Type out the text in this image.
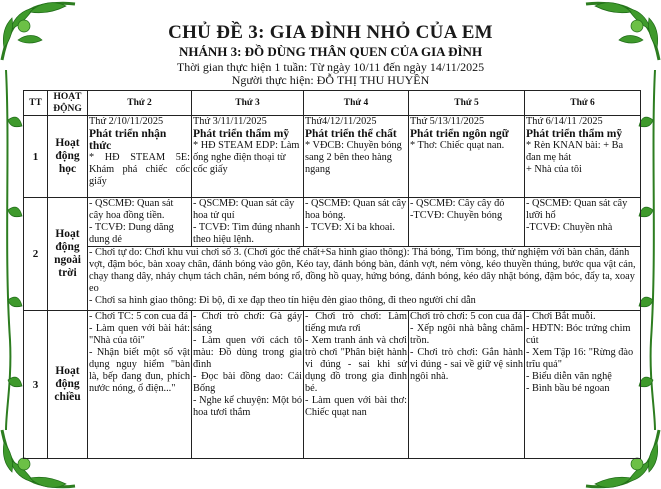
CHỦ ĐỀ 3: GIA ĐÌNH NHỎ CỦA EM
NHÁNH 3: ĐỒ DÙNG THÂN QUEN CỦA GIA ĐÌNH
Thời gian thực hiện 1 tuần: Từ ngày 10/11 đến ngày 14/11/2025
Người thực hiện: ĐỖ THỊ THU HUYỀN
TT	HOẠT ĐỘNG	Thứ 2	Thứ 3	Thứ 4	Thứ 5	Thứ 6
1	Hoạt động học	Thứ 2/10/11/2025
Phát triển nhận thức
* HĐ STEAM 5E: Khám phá chiếc cốc giấy	Thứ 3/11/11/2025
Phát triển thẩm mỹ
* HĐ STEAM EDP: Làm ống nghe điện thoại từ cốc giấy	Thứ4/12/11/2025
Phát triển thể chất
* VĐCB: Chuyền bóng sang 2 bên theo hàng ngang	Thứ 5/13/11/2025
Phát triển ngôn ngữ
* Thơ: Chiếc quạt nan.	Thứ 6/14/11 /2025
Phát triển thẩm mỹ
* Rèn KNAN bài: + Ba đan mẹ hát
+ Nhà của tôi

2	Hoạt động ngoài trời	- QSCMĐ: Quan sát cây hoa đồng tiền.
- TCVĐ: Dung dăng dung dẻ	- QSCMĐ: Quan sát cây hoa tử quí
- TCVĐ: Tìm đúng nhanh theo hiệu lệnh.	- QSCMĐ: Quan sát cây hoa bỏng.
- TCVĐ: Xỉ ba khoai.	- QSCMĐ: Cây cây đỏ
-TCVĐ: Chuyền bóng	- QSCMĐ: Quan sát cây lưỡi hổ
-TCVĐ: Chuyền nhà

		- Chơi tự do: Chơi khu vui chơi số 3. (Chơi góc thể chất+Sa hình giao thông): Thả bóng, Tìm bóng, thử nghiệm với bàn chân, đánh vợt, đậm bóc, bàn xoay chân, đánh bóng vào gôn, Kéo tay, đánh bóng bàn, đánh vợt, ném vòng, kéo thuyền thúng, bước qua vật cản, chạy thang dây, nhảy chụm tách chân, ném bóng rổ, đồng hồ quay, hứng bóng, đánh bóng, kéo dây nhặt bóng, đậm bóc, đẩy ta, xoay eo
- Chơi sa hình giao thông: Đi bộ, đi xe đạp theo tín hiệu đèn giao thông, đi theo người chỉ dẫn				

3	Hoạt động chiều	- Chơi TC: 5 con cua đá
- Làm quen với bài hát: "Nhà của tôi"
- Nhận biết một số vật dụng nguy hiểm "bàn là, bếp đang đun, phích nước nóng, ổ điện..."	- Chơi trò chơi: Gà gáy sáng
- Làm quen với cách tô màu: Đồ dùng trong gia đình
- Đọc bài đồng dao: Cái Bống
- Nghe kể chuyện: Một bó hoa tươi thắm	- Chơi trò chơi: Làm tiếng mưa rơi
- Xem tranh ảnh và chơi trò chơi "Phân biệt hành vi đúng - sai khi sử dụng đồ trong gia đình bé.
- Làm quen với bài thơ: Chiếc quạt nan	Chơi trò chơi: 5 con cua đá
- Xếp ngôi nhà bằng chăm trồn.
- Chơi trò chơi: Gắn hành vi đúng - sai về giữ vệ sinh ngôi nhà.	- Chơi Bắt muỗi.
- HĐTN: Bóc trứng chim cút
- Xem Tập 16: "Rừng đào trĩu quả"
- Biểu diễn văn nghệ
- Bình bầu bé ngoan
